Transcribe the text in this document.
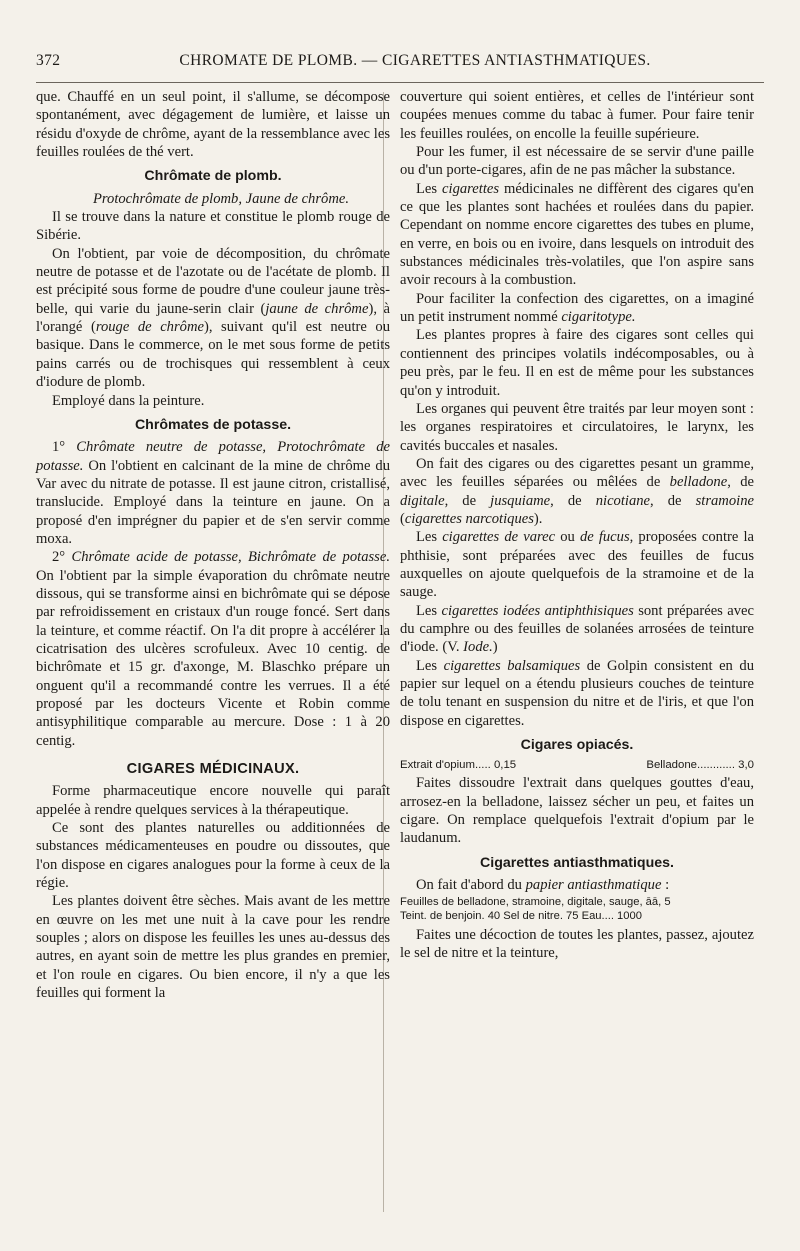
372	CHROMATE DE PLOMB. — CIGARETTES ANTIASTHMATIQUES.

que. Chauffé en un seul point, il s'allume, se décompose spontanément, avec dégagement de lumière, et laisse un résidu d'oxyde de chrôme, ayant de la ressemblance avec les feuilles roulées de thé vert.

Chrômate de plomb.

Protochrômate de plomb, Jaune de chrôme.

Il se trouve dans la nature et constitue le plomb rouge de Sibérie.

On l'obtient, par voie de décomposition, du chrômate neutre de potasse et de l'azotate ou de l'acétate de plomb. Il est précipité sous forme de poudre d'une couleur jaune très-belle, qui varie du jaune-serin clair (jaune de chrôme), à l'orangé (rouge de chrôme), suivant qu'il est neutre ou basique. Dans le commerce, on le met sous forme de petits pains carrés ou de trochisques qui ressemblent à ceux d'iodure de plomb.

Employé dans la peinture.

Chrômates de potasse.

1° Chrômate neutre de potasse, Protochrômate de potasse. On l'obtient en calcinant de la mine de chrôme du Var avec du nitrate de potasse. Il est jaune citron, cristallisé, translucide. Employé dans la teinture en jaune. On a proposé d'en imprégner du papier et de s'en servir comme moxa.

2° Chrômate acide de potasse, Bichrômate de potasse. On l'obtient par la simple évaporation du chrômate neutre dissous, qui se transforme ainsi en bichrômate qui se dépose par refroidissement en cristaux d'un rouge foncé. Sert dans la teinture, et comme réactif. On l'a dit propre à accélérer la cicatrisation des ulcères scrofuleux. Avec 10 centig. de bichrômate et 15 gr. d'axonge, M. Blaschko prépare un onguent qu'il a recommandé contre les verrues. Il a été proposé par les docteurs Vicente et Robin comme antisyphilitique comparable au mercure. Dose : 1 à 20 centig.

CIGARES MÉDICINAUX.

Forme pharmaceutique encore nouvelle qui paraît appelée à rendre quelques services à la thérapeutique.

Ce sont des plantes naturelles ou additionnées de substances médicamenteuses en poudre ou dissoutes, que l'on dispose en cigares analogues pour la forme à ceux de la régie.

Les plantes doivent être sèches. Mais avant de les mettre en œuvre on les met une nuit à la cave pour les rendre souples ; alors on dispose les feuilles les unes au-dessus des autres, en ayant soin de mettre les plus grandes en premier, et l'on roule en cigares. Ou bien encore, il n'y a que les feuilles qui forment la

couverture qui soient entières, et celles de l'intérieur sont coupées menues comme du tabac à fumer. Pour faire tenir les feuilles roulées, on encolle la feuille supérieure.

Pour les fumer, il est nécessaire de se servir d'une paille ou d'un porte-cigares, afin de ne pas mâcher la substance.

Les cigarettes médicinales ne diffèrent des cigares qu'en ce que les plantes sont hachées et roulées dans du papier. Cependant on nomme encore cigarettes des tubes en plume, en verre, en bois ou en ivoire, dans lesquels on introduit des substances médicinales très-volatiles, que l'on aspire sans avoir recours à la combustion.

Pour faciliter la confection des cigarettes, on a imaginé un petit instrument nommé cigaritotype.

Les plantes propres à faire des cigares sont celles qui contiennent des principes volatils indécomposables, ou à peu près, par le feu. Il en est de même pour les substances qu'on y introduit.

Les organes qui peuvent être traités par leur moyen sont : les organes respiratoires et circulatoires, le larynx, les cavités buccales et nasales.

On fait des cigares ou des cigarettes pesant un gramme, avec les feuilles séparées ou mêlées de belladone, de digitale, de jusquiame, de nicotiane, de stramoine (cigarettes narcotiques).

Les cigarettes de varec ou de fucus, proposées contre la phthisie, sont préparées avec des feuilles de fucus auxquelles on ajoute quelquefois de la stramoine et de la sauge.

Les cigarettes iodées antiphthisiques sont préparées avec du camphre ou des feuilles de solanées arrosées de teinture d'iode. (V. Iode.)

Les cigarettes balsamiques de Golpin consistent en du papier sur lequel on a étendu plusieurs couches de teinture de tolu tenant en suspension du nitre et de l'iris, et que l'on dispose en cigarettes.

Cigares opiacés.
Extrait d'opium..... 0,15	Belladone............ 3,0

Faites dissoudre l'extrait dans quelques gouttes d'eau, arrosez-en la belladone, laissez sécher un peu, et faites un cigare. On remplace quelquefois l'extrait d'opium par le laudanum.

Cigarettes antiasthmatiques.

On fait d'abord du papier antiasthmatique :

Feuilles de belladone, stramoine, digitale, sauge, āā, 5
Teint. de benjoin. 40 Sel de nitre. 75 Eau.... 1000

Faites une décoction de toutes les plantes, passez, ajoutez le sel de nitre et la teinture,
